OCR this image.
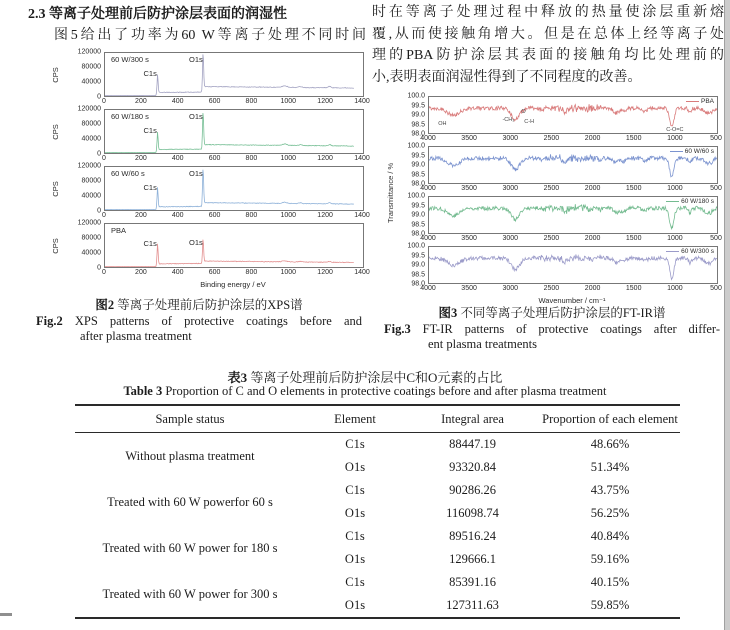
2.3 等离子处理前后防护涂层表面的润湿性
图5给出了功率为60 W等离子处理不同时间
时在等离子处理过程中释放的热量使涂层重新熔
覆,从而使接触角增大。但是在总体上经等离子处
理的PBA防护涂层其表面的接触角均比处理前的
小,表明表面润湿性得到了不同程度的改善。
CPS
120000
80000
40000
0
60 W/300 s
C1s
O1s
0	200	400	600	800	1000	1200	1400
CPS
120000
80000
40000
0
60 W/180 s
C1s
O1s
0	200	400	600	800	1000	1200	1400
CPS
120000
80000
40000
0
60 W/60 s
C1s
O1s
0	200	400	600	800	1000	1200	1400
CPS
120000
80000
40000
0
PBA
C1s	O1s
0	200	400	600	800	1000	1200	1400
Binding energy / eV
图2 等离子处理前后防护涂层的XPS谱
Fig.2 XPS patterns of protective coatings before and
after plasma treatment
Transmittance / %
100.0
99.5
99.0
98.5
98.0
PBA
OH
-CH₃
O
C-H
C-O=C
4000	3500	3000	2500	2000	1500	1000	500
100.0
99.5
99.0
98.5
98.0
60 W/60 s
4000	3500	3000	2500	2000	1500	1000	500
100.0
99.5
99.0
98.5
98.0
60 W/180 s
4000	3500	3000	2500	2000	1500	1000	500
100.0
99.5
99.0
98.5
98.0
60 W/300 s
4000	3500	3000	2500	2000	1500	1000	500
Wavenumber / cm⁻¹
图3 不同等离子处理后防护涂层的FT-IR谱
Fig.3 FT-IR patterns of protective coatings after differ-
ent plasma treatments
表3 等离子处理前后防护涂层中C和O元素的占比
Table 3 Proportion of C and O elements in protective coatings before and after plasma treatment
Sample status	Element	Integral area	Proportion of each element
Without plasma treatment	C1s	88447.19	48.66%
	O1s	93320.84	51.34%
Treated with 60 W powerfor 60 s	C1s	90286.26	43.75%
	O1s	116098.74	56.25%
Treated with 60 W power for 180 s	C1s	89516.24	40.84%
	O1s	129666.1	59.16%
Treated with 60 W power for 300 s	C1s	85391.16	40.15%
	O1s	127311.63	59.85%
